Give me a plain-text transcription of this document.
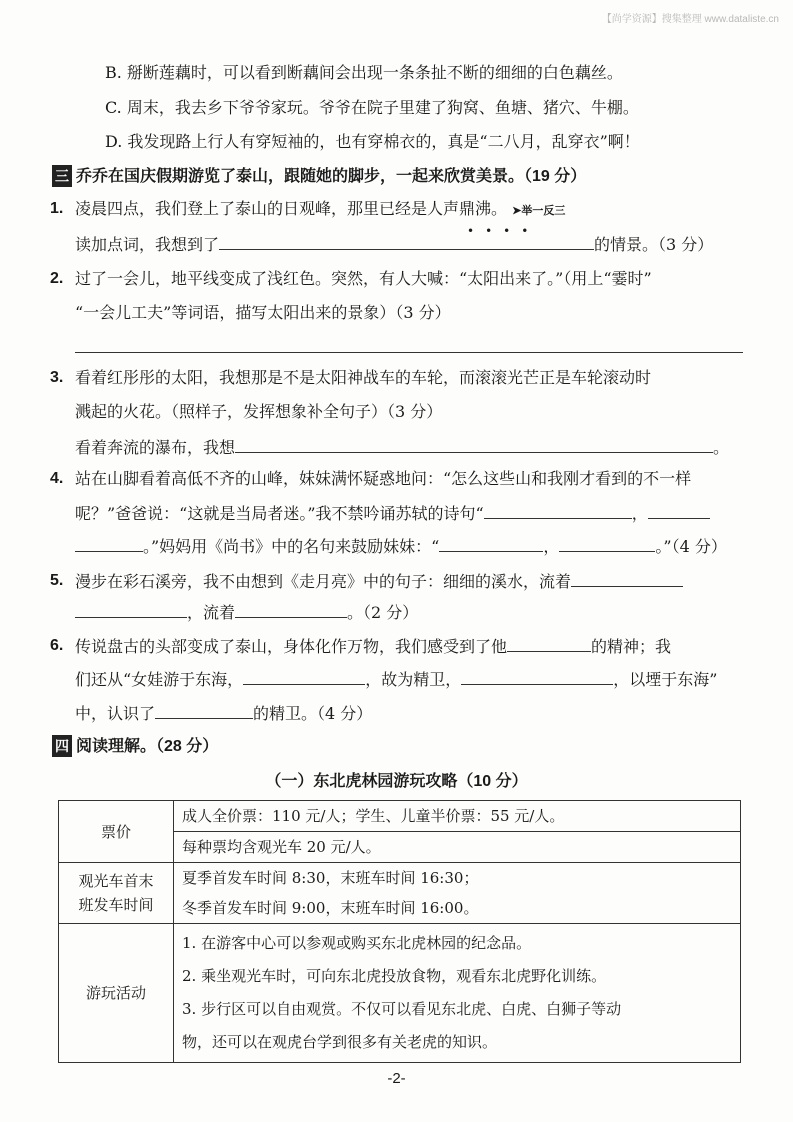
【尚学资源】搜集整理 www.dataliste.cn
B. 掰断莲藕时，可以看到断藕间会出现一条条扯不断的细细的白色藕丝。
C. 周末，我去乡下爷爷家玩。爷爷在院子里建了狗窝、鱼塘、猪穴、牛棚。
D. 我发现路上行人有穿短袖的，也有穿棉衣的，真是“二八月，乱穿衣”啊！
三 乔乔在国庆假期游览了泰山，跟随她的脚步，一起来欣赏美景。（19 分）
1. 凌晨四点，我们登上了泰山的日观峰，那里已经是人声鼎沸。 ➤举一反三
••••
读加点词，我想到了	的情景。（3 分）
2. 过了一会儿，地平线变成了浅红色。突然，有人大喊：“太阳出来了。”（用上“霎时”
“一会儿工夫”等词语，描写太阳出来的景象）（3 分）
3. 看着红彤彤的太阳，我想那是不是太阳神战车的车轮，而滚滚光芒正是车轮滚动时
溅起的火花。（照样子，发挥想象补全句子）（3 分）
看着奔流的瀑布，我想	。
4. 站在山脚看着高低不齐的山峰，妹妹满怀疑惑地问：“怎么这些山和我刚才看到的不一样
呢？”爸爸说：“这就是当局者迷。”我不禁吟诵苏轼的诗句“	，
。”妈妈用《尚书》中的名句来鼓励妹妹：“	，	。”（4 分）
5. 漫步在彩石溪旁，我不由想到《走月亮》中的句子：细细的溪水，流着
，流着	。（2 分）
6. 传说盘古的头部变成了泰山，身体化作万物，我们感受到了他	的精神；我
们还从“女娃游于东海，	，故为精卫，	，以堙于东海”
中，认识了	的精卫。（4 分）
四 阅读理解。（28 分）
（一）东北虎林园游玩攻略（10 分）
票价	成人全价票：110 元/人；学生、儿童半价票：55 元/人。
	每种票均含观光车 20 元/人。

观光车首末
班发车时间	夏季首发车时间 8:30，末班车时间 16:30；
	冬季首发车时间 9:00，末班车时间 16:00。
游玩活动	1. 在游客中心可以参观或购买东北虎林园的纪念品。
2. 乘坐观光车时，可向东北虎投放食物，观看东北虎野化训练。
3. 步行区可以自由观赏。不仅可以看见东北虎、白虎、白狮子等动
物，还可以在观虎台学到很多有关老虎的知识。
-2-
